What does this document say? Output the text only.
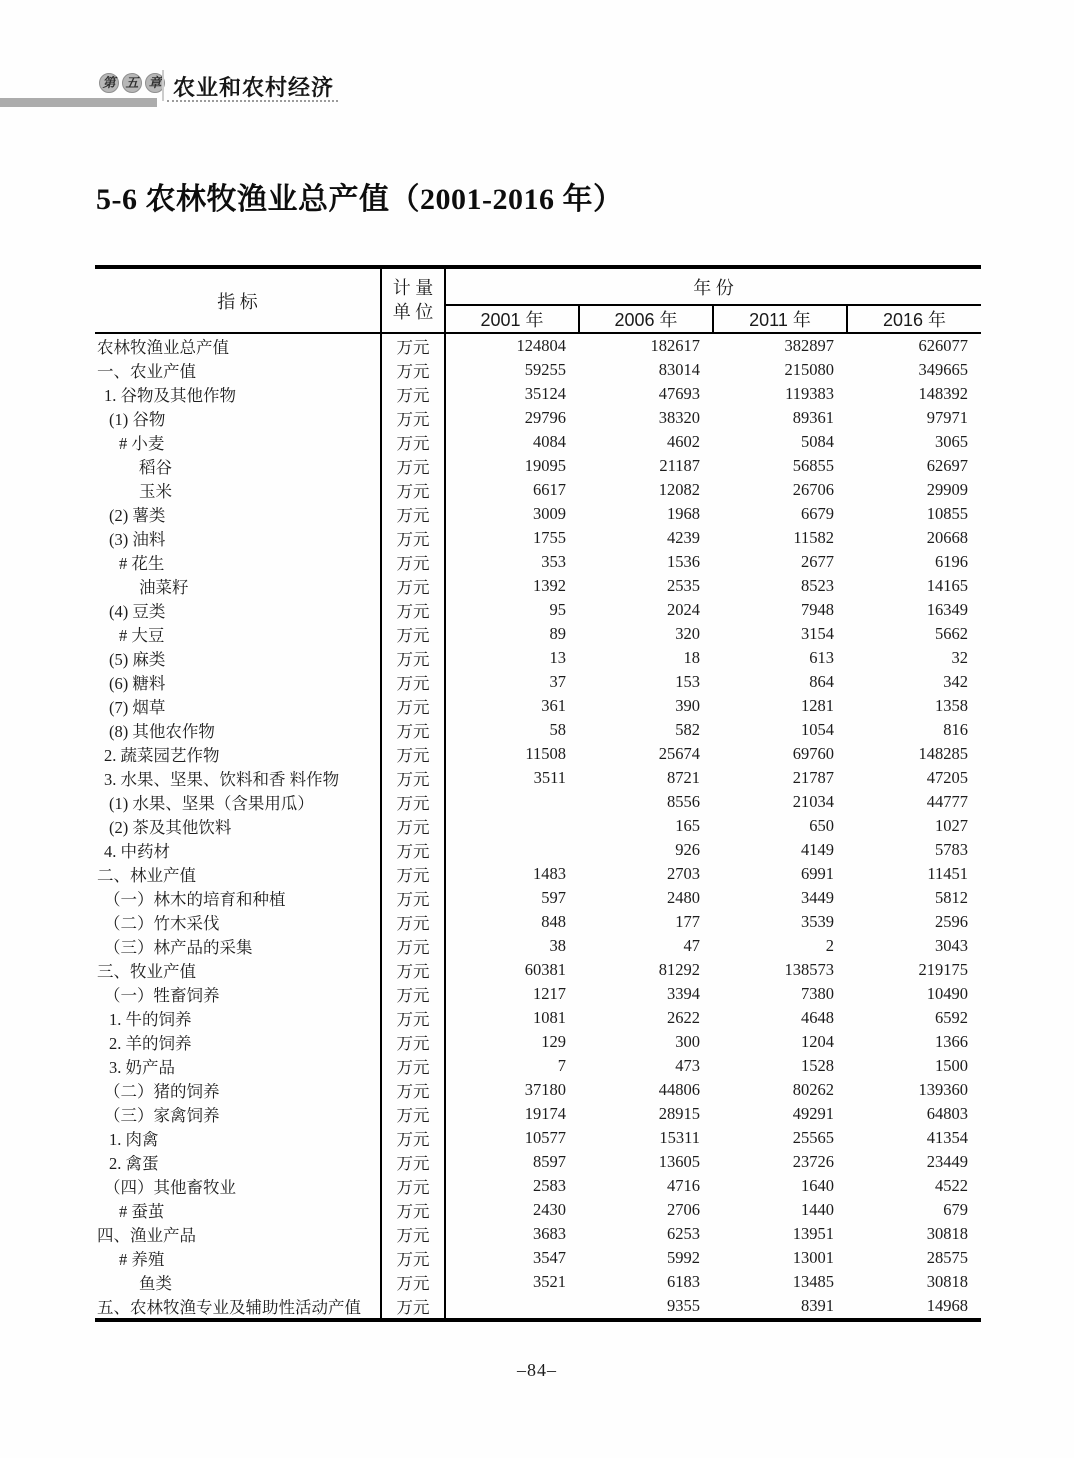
第 五 章 农业和农村经济
5-6 农林牧渔业总产值（2001-2016 年）
指 标	计 量
单 位	年 份			
		2001 年	2006 年	2011 年	2016 年
农林牧渔业总产值	万元	124804	182617	382897	626077
一、农业产值	万元	59255	83014	215080	349665
1. 谷物及其他作物	万元	35124	47693	119383	148392
(1) 谷物	万元	29796	38320	89361	97971
# 小麦	万元	4084	4602	5084	3065
稻谷	万元	19095	21187	56855	62697
玉米	万元	6617	12082	26706	29909
(2) 薯类	万元	3009	1968	6679	10855
(3) 油料	万元	1755	4239	11582	20668
# 花生	万元	353	1536	2677	6196
油菜籽	万元	1392	2535	8523	14165
(4) 豆类	万元	95	2024	7948	16349
# 大豆	万元	89	320	3154	5662
(5) 麻类	万元	13	18	613	32
(6) 糖料	万元	37	153	864	342
(7) 烟草	万元	361	390	1281	1358
(8) 其他农作物	万元	58	582	1054	816
2. 蔬菜园艺作物	万元	11508	25674	69760	148285
3. 水果、坚果、饮料和香 料作物	万元	3511	8721	21787	47205
(1) 水果、坚果（含果用瓜）	万元		8556	21034	44777
(2) 茶及其他饮料	万元		165	650	1027
4. 中药材	万元		926	4149	5783
二、林业产值	万元	1483	2703	6991	11451
（一）林木的培育和种植	万元	597	2480	3449	5812
（二）竹木采伐	万元	848	177	3539	2596
（三）林产品的采集	万元	38	47	2	3043
三、牧业产值	万元	60381	81292	138573	219175
（一）牲畜饲养	万元	1217	3394	7380	10490
1. 牛的饲养	万元	1081	2622	4648	6592
2. 羊的饲养	万元	129	300	1204	1366
3. 奶产品	万元	7	473	1528	1500
（二）猪的饲养	万元	37180	44806	80262	139360
（三）家禽饲养	万元	19174	28915	49291	64803
1. 肉禽	万元	10577	15311	25565	41354
2. 禽蛋	万元	8597	13605	23726	23449
（四）其他畜牧业	万元	2583	4716	1640	4522
# 蚕茧	万元	2430	2706	1440	679
四、渔业产品	万元	3683	6253	13951	30818
# 养殖	万元	3547	5992	13001	28575
鱼类	万元	3521	6183	13485	30818
五、农林牧渔专业及辅助性活动产值	万元		9355	8391	14968
–84–
